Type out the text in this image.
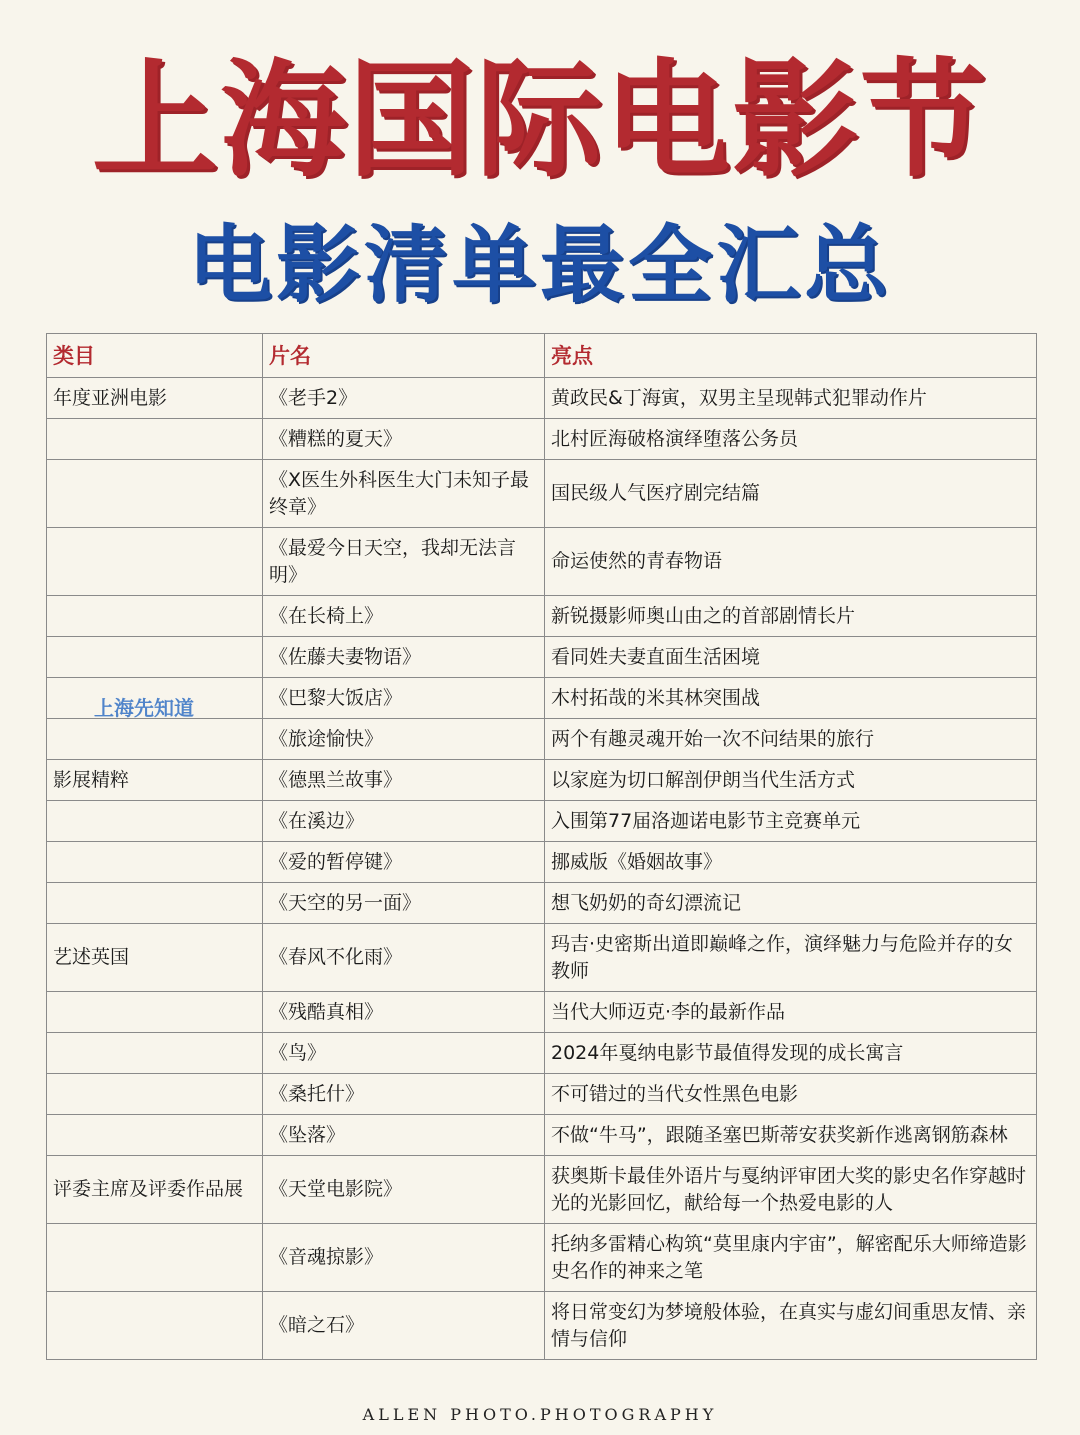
上海国际电影节
电影清单最全汇总
类目	片名	亮点
年度亚洲电影	《老手2》	黄政民&丁海寅，双男主呈现韩式犯罪动作片
	《糟糕的夏天》	北村匠海破格演绎堕落公务员
	《X医生外科医生大门未知子最终章》	国民级人气医疗剧完结篇
	《最爱今日天空，我却无法言明》	命运使然的青春物语
	《在长椅上》	新锐摄影师奥山由之的首部剧情长片
	《佐藤夫妻物语》	看同姓夫妻直面生活困境
	《巴黎大饭店》	木村拓哉的米其林突围战
	《旅途愉快》	两个有趣灵魂开始一次不问结果的旅行
影展精粹	《德黑兰故事》	以家庭为切口解剖伊朗当代生活方式
	《在溪边》	入围第77届洛迦诺电影节主竞赛单元
	《爱的暂停键》	挪威版《婚姻故事》
	《天空的另一面》	想飞奶奶的奇幻漂流记
艺述英国	《春风不化雨》	玛吉·史密斯出道即巅峰之作，演绎魅力与危险并存的女教师
	《残酷真相》	当代大师迈克·李的最新作品
	《鸟》	2024年戛纳电影节最值得发现的成长寓言
	《桑托什》	不可错过的当代女性黑色电影
	《坠落》	不做“牛马”，跟随圣塞巴斯蒂安获奖新作逃离钢筋森林
评委主席及评委作品展	《天堂电影院》	获奥斯卡最佳外语片与戛纳评审团大奖的影史名作穿越时光的光影回忆，献给每一个热爱电影的人
	《音魂掠影》	托纳多雷精心构筑“莫里康内宇宙”，解密配乐大师缔造影史名作的神来之笔
	《暗之石》	将日常变幻为梦境般体验，在真实与虚幻间重思友情、亲情与信仰
上海先知道
ALLEN PHOTO.PHOTOGRAPHY
